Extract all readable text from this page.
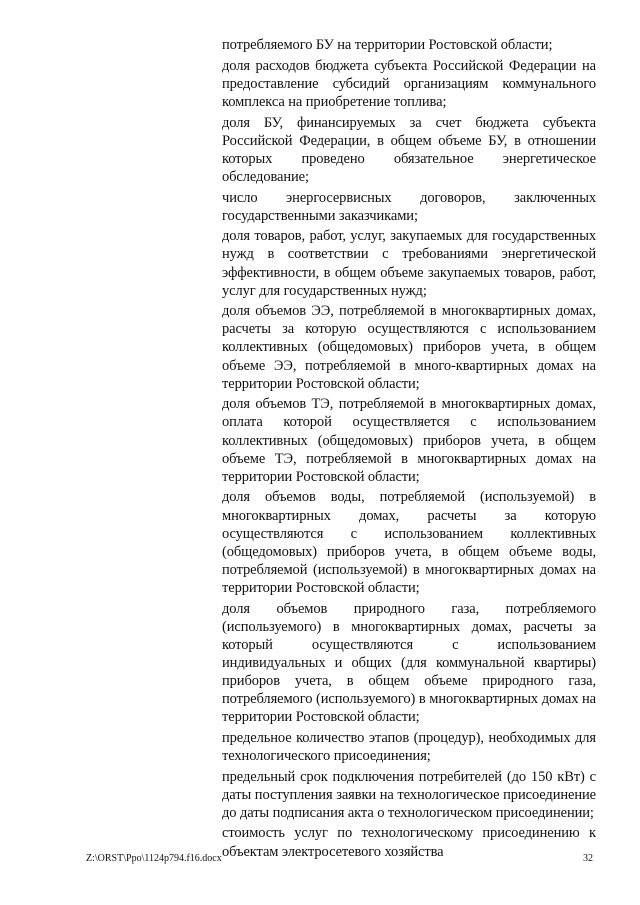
потребляемого БУ на территории Ростовской области;

доля расходов бюджета субъекта Российской Федерации на предоставление субсидий организациям коммунального комплекса на приобретение топлива;

доля БУ, финансируемых за счет бюджета субъекта Российской Федерации, в общем объеме БУ, в отношении которых проведено обязательное энергетическое обследование;

число энергосервисных договоров, заключенных государственными заказчиками;

доля товаров, работ, услуг, закупаемых для государственных нужд в соответствии с требованиями энергетической эффективности, в общем объеме закупаемых товаров, работ, услуг для государственных нужд;

доля объемов ЭЭ, потребляемой в многоквартирных домах, расчеты за которую осуществляются с использованием коллективных (общедомовых) приборов учета, в общем объеме ЭЭ, потребляемой в много-квартирных домах на территории Ростовской области;

доля объемов ТЭ, потребляемой в многоквартирных домах, оплата которой осуществляется с использованием коллективных (общедомовых) приборов учета, в общем объеме ТЭ, потребляемой в многоквартирных домах на территории Ростовской области;

доля объемов воды, потребляемой (используемой) в многоквартирных домах, расчеты за которую осуществляются с использованием коллективных (общедомовых) приборов учета, в общем объеме воды, потребляемой (используемой) в многоквартирных домах на территории Ростовской области;

доля объемов природного газа, потребляемого (используемого) в многоквартирных домах, расчеты за который осуществляются с использованием индивидуальных и общих (для коммунальной квартиры) приборов учета, в общем объеме природного газа, потребляемого (используемого) в многоквартирных домах на территории Ростовской области;

предельное количество этапов (процедур), необходимых для технологического присоединения;

предельный срок подключения потребителей (до 150 кВт) с даты поступления заявки на технологическое присоединение до даты подписания акта о технологическом присоединении;

стоимость услуг по технологическому присоединению к объектам электросетевого хозяйства

Z:\ORST\Ppo\1124p794.f16.docx	32
